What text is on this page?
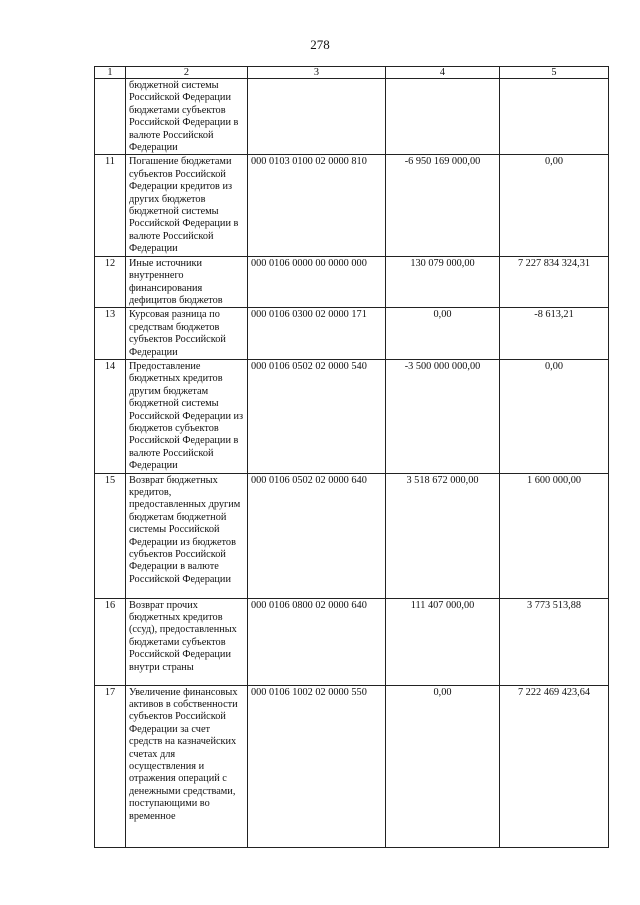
278
1	2	3	4	5
	бюджетной системы Российской Федерации бюджетами субъектов Российской Федерации в валюте Российской Федерации			
11	Погашение бюджетами субъектов Российской Федерации кредитов из других бюджетов бюджетной системы Российской Федерации в валюте Российской Федерации	000 0103 0100 02 0000 810	-6 950 169 000,00	0,00
12	Иные источники внутреннего финансирования дефицитов бюджетов	000 0106 0000 00 0000 000	130 079 000,00	7 227 834 324,31
13	Курсовая разница по средствам бюджетов субъектов Российской Федерации	000 0106 0300 02 0000 171	0,00	-8 613,21
14	Предоставление бюджетных кредитов другим бюджетам бюджетной системы Российской Федерации из бюджетов субъектов Российской Федерации в валюте Российской Федерации	000 0106 0502 02 0000 540	-3 500 000 000,00	0,00
15	Возврат бюджетных кредитов, предоставленных другим бюджетам бюджетной системы Российской Федерации из бюджетов субъектов Российской Федерации в валюте Российской Федерации	000 0106 0502 02 0000 640	3 518 672 000,00	1 600 000,00
16	Возврат прочих бюджетных кредитов (ссуд), предоставленных бюджетами субъектов Российской Федерации внутри страны	000 0106 0800 02 0000 640	111 407 000,00	3 773 513,88
17	Увеличение финансовых активов в собственности субъектов Российской Федерации за счет средств на казначейских счетах для осуществления и отражения операций с денежными средствами, поступающими во временное	000 0106 1002 02 0000 550	0,00	7 222 469 423,64
